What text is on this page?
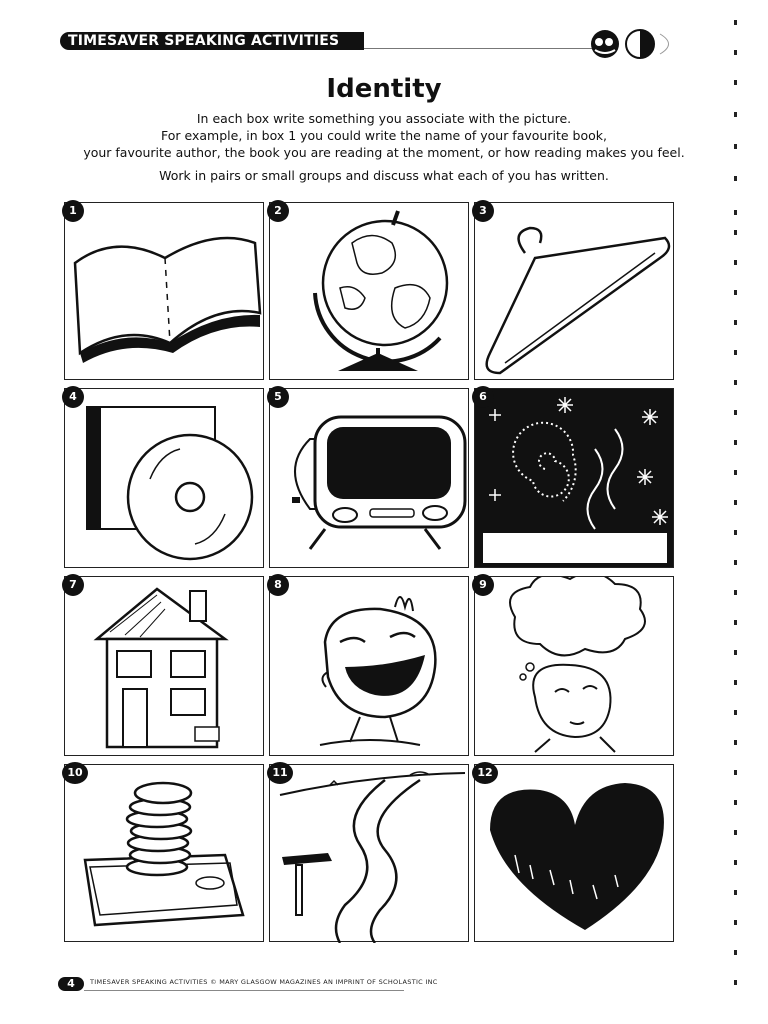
TIMESAVER SPEAKING ACTIVITIES
Identity
In each box write something you associate with the picture.
For example, in box 1 you could write the name of your favourite book,
your favourite author, the book you are reading at the moment, or how reading makes you feel.
Work in pairs or small groups and discuss what each of you has written.
1	2	3
4	5	6
7	8	9
10	11	12
4	TIMESAVER SPEAKING ACTIVITIES © MARY GLASGOW MAGAZINES AN IMPRINT OF SCHOLASTIC INC
